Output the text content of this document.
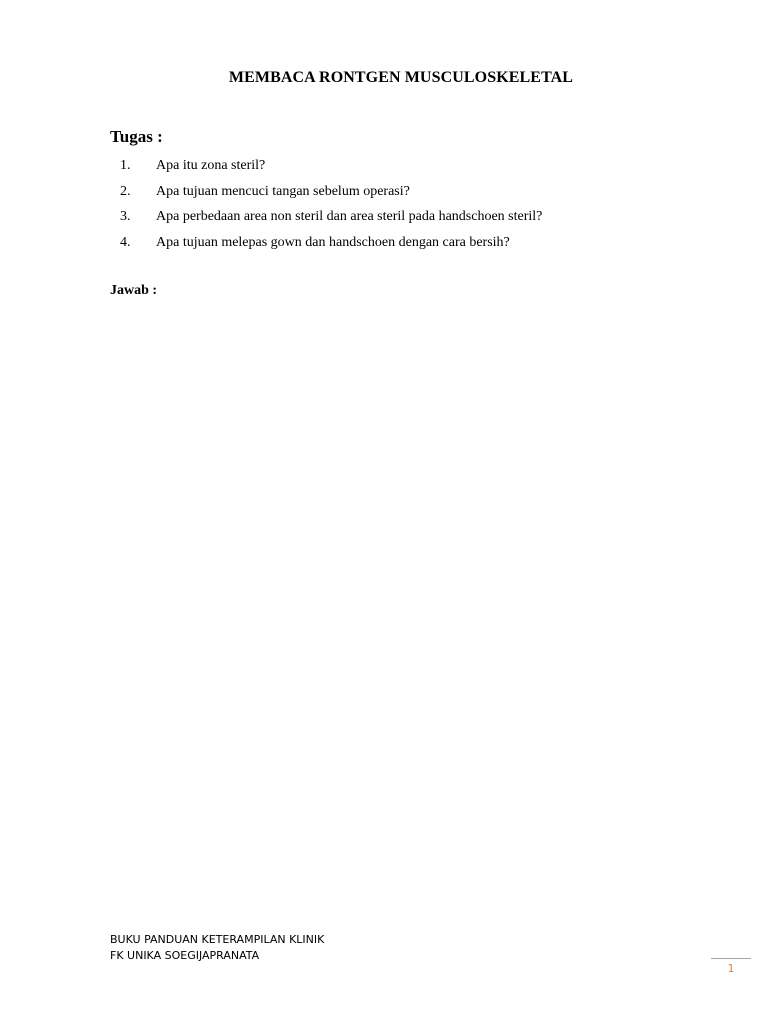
MEMBACA RONTGEN MUSCULOSKELETAL
Tugas :
1.	Apa itu zona steril?
2.	Apa tujuan mencuci tangan sebelum operasi?
3.	Apa perbedaan area non steril dan area steril pada handschoen steril?
4.	Apa tujuan melepas gown dan handschoen dengan cara bersih?

Jawab :

BUKU PANDUAN KETERAMPILAN KLINIK
FK UNIKA SOEGIJAPRANATA
1
